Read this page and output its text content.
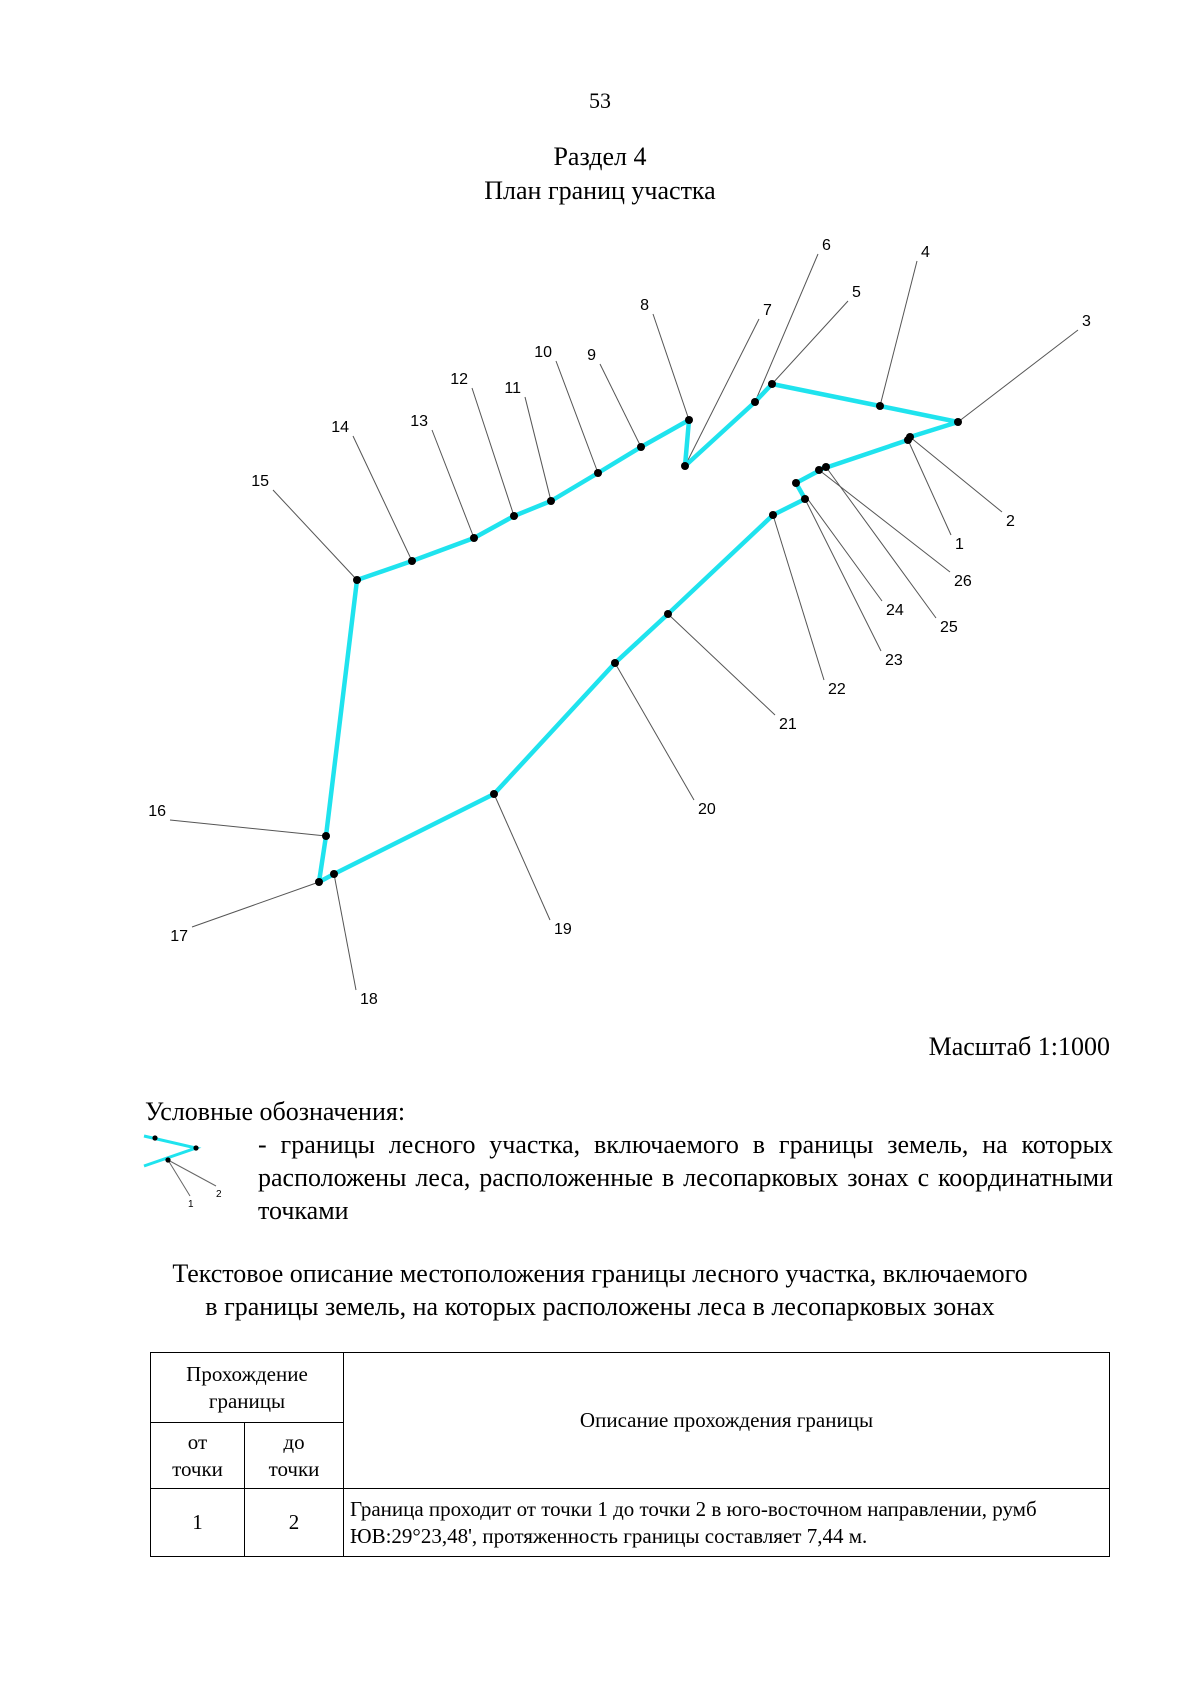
53
Раздел 4
План границ участка
1
2
3
4
5
6
7
8
9
10
11
12
13
14
15
16
17
18
19
20
21
22
23
24
25
26
Масштаб 1:1000
Условные обозначения:
1
2
- границы лесного участка, включаемого в границы земель, на которых расположены леса, расположенные в лесопарковых зонах с координатными точками
Текстовое описание местоположения границы лесного участка, включаемого
в границы земель, на которых расположены леса в лесопарковых зонах
Прохождение границы		Описание прохождения границы

от точки	до точки	

1	2	Граница проходит от точки 1 до точки 2 в юго-восточном направлении, румб ЮВ:29°23,48', протяженность границы составляет 7,44 м.
